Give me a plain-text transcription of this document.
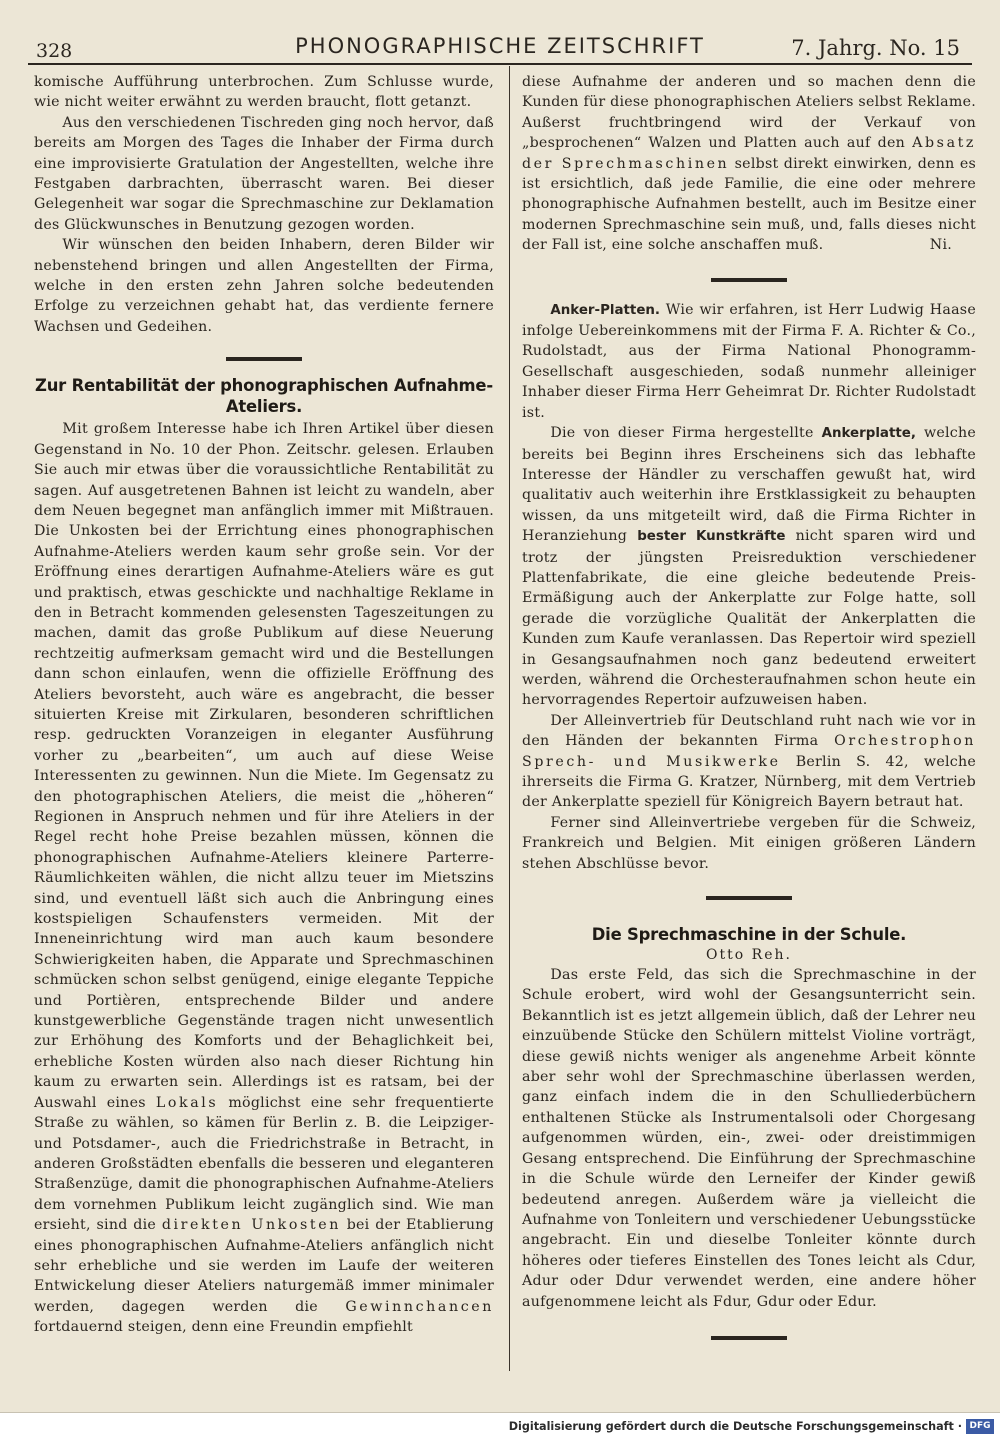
328	PHONOGRAPHISCHE ZEITSCHRIFT	7. Jahrg. No. 15

komische Aufführung unterbrochen. Zum Schlusse wurde, wie nicht weiter erwähnt zu werden braucht, flott getanzt.

Aus den verschiedenen Tischreden ging noch hervor, daß bereits am Morgen des Tages die Inhaber der Firma durch eine improvisierte Gratulation der Angestellten, welche ihre Festgaben darbrachten, überrascht waren. Bei dieser Gelegenheit war sogar die Sprechmaschine zur Deklamation des Glückwunsches in Benutzung gezogen worden.

Wir wünschen den beiden Inhabern, deren Bilder wir nebenstehend bringen und allen Angestellten der Firma, welche in den ersten zehn Jahren solche bedeutenden Erfolge zu verzeichnen gehabt hat, das verdiente fernere Wachsen und Gedeihen.

Zur Rentabilität der phonographischen Aufnahme-Ateliers.

Mit großem Interesse habe ich Ihren Artikel über diesen Gegenstand in No. 10 der Phon. Zeitschr. gelesen. Erlauben Sie auch mir etwas über die voraussichtliche Rentabilität zu sagen. Auf ausgetretenen Bahnen ist leicht zu wandeln, aber dem Neuen begegnet man anfänglich immer mit Mißtrauen. Die Unkosten bei der Errichtung eines phonographischen Aufnahme-Ateliers werden kaum sehr große sein. Vor der Eröffnung eines derartigen Aufnahme-Ateliers wäre es gut und praktisch, etwas geschickte und nachhaltige Reklame in den in Betracht kommenden gelesensten Tageszeitungen zu machen, damit das große Publikum auf diese Neuerung rechtzeitig aufmerksam gemacht wird und die Bestellungen dann schon einlaufen, wenn die offizielle Eröffnung des Ateliers bevorsteht, auch wäre es angebracht, die besser situierten Kreise mit Zirkularen, besonderen schriftlichen resp. gedruckten Voranzeigen in eleganter Ausführung vorher zu „bearbeiten“, um auch auf diese Weise Interessenten zu gewinnen. Nun die Miete. Im Gegensatz zu den photographischen Ateliers, die meist die „höheren“ Regionen in Anspruch nehmen und für ihre Ateliers in der Regel recht hohe Preise bezahlen müssen, können die phonographischen Aufnahme-Ateliers kleinere Parterre-Räumlichkeiten wählen, die nicht allzu teuer im Mietszins sind, und eventuell läßt sich auch die Anbringung eines kostspieligen Schaufensters vermeiden. Mit der Inneneinrichtung wird man auch kaum besondere Schwierigkeiten haben, die Apparate und Sprechmaschinen schmücken schon selbst genügend, einige elegante Teppiche und Portièren, entsprechende Bilder und andere kunstgewerbliche Gegenstände tragen nicht unwesentlich zur Erhöhung des Komforts und der Behaglichkeit bei, erhebliche Kosten würden also nach dieser Richtung hin kaum zu erwarten sein. Allerdings ist es ratsam, bei der Auswahl eines Lokals möglichst eine sehr frequentierte Straße zu wählen, so kämen für Berlin z. B. die Leipziger- und Potsdamer-, auch die Friedrichstraße in Betracht, in anderen Großstädten ebenfalls die besseren und eleganteren Straßenzüge, damit die phonographischen Aufnahme-Ateliers dem vornehmen Publikum leicht zugänglich sind. Wie man ersieht, sind die direkten Unkosten bei der Etablierung eines phonographischen Aufnahme-Ateliers anfänglich nicht sehr erhebliche und sie werden im Laufe der weiteren Entwickelung dieser Ateliers naturgemäß immer minimaler werden, dagegen werden die Gewinnchancen fortdauernd steigen, denn eine Freundin empfiehlt

diese Aufnahme der anderen und so machen denn die Kunden für diese phonographischen Ateliers selbst Reklame. Außerst fruchtbringend wird der Verkauf von „besprochenen“ Walzen und Platten auch auf den Absatz der Sprechmaschinen selbst direkt einwirken, denn es ist ersichtlich, daß jede Familie, die eine oder mehrere phonographische Aufnahmen bestellt, auch im Besitze einer modernen Sprechmaschine sein muß, und, falls dieses nicht der Fall ist, eine solche anschaffen muß.	Ni.

Anker-Platten. Wie wir erfahren, ist Herr Ludwig Haase infolge Uebereinkommens mit der Firma F. A. Richter & Co., Rudolstadt, aus der Firma National Phonogramm-Gesellschaft ausgeschieden, sodaß nunmehr alleiniger Inhaber dieser Firma Herr Geheimrat Dr. Richter Rudolstadt ist.

Die von dieser Firma hergestellte Ankerplatte, welche bereits bei Beginn ihres Erscheinens sich das lebhafte Interesse der Händler zu verschaffen gewußt hat, wird qualitativ auch weiterhin ihre Erstklassigkeit zu behaupten wissen, da uns mitgeteilt wird, daß die Firma Richter in Heranziehung bester Kunstkräfte nicht sparen wird und trotz der jüngsten Preisreduktion verschiedener Plattenfabrikate, die eine gleiche bedeutende Preis-Ermäßigung auch der Ankerplatte zur Folge hatte, soll gerade die vorzügliche Qualität der Ankerplatten die Kunden zum Kaufe veranlassen. Das Repertoir wird speziell in Gesangsaufnahmen noch ganz bedeutend erweitert werden, während die Orchesteraufnahmen schon heute ein hervorragendes Repertoir aufzuweisen haben.

Der Alleinvertrieb für Deutschland ruht nach wie vor in den Händen der bekannten Firma Orchestrophon Sprech- und Musikwerke Berlin S. 42, welche ihrerseits die Firma G. Kratzer, Nürnberg, mit dem Vertrieb der Ankerplatte speziell für Königreich Bayern betraut hat.

Ferner sind Alleinvertriebe vergeben für die Schweiz, Frankreich und Belgien. Mit einigen größeren Ländern stehen Abschlüsse bevor.

Die Sprechmaschine in der Schule.
Otto Reh.

Das erste Feld, das sich die Sprechmaschine in der Schule erobert, wird wohl der Gesangsunterricht sein. Bekanntlich ist es jetzt allgemein üblich, daß der Lehrer neu einzuübende Stücke den Schülern mittelst Violine vorträgt, diese gewiß nichts weniger als angenehme Arbeit könnte aber sehr wohl der Sprechmaschine überlassen werden, ganz einfach indem die in den Schulliederbüchern enthaltenen Stücke als Instrumentalsoli oder Chorgesang aufgenommen würden, ein-, zwei- oder dreistimmigen Gesang entsprechend. Die Einführung der Sprechmaschine in die Schule würde den Lerneifer der Kinder gewiß bedeutend anregen. Außerdem wäre ja vielleicht die Aufnahme von Tonleitern und verschiedener Uebungsstücke angebracht. Ein und dieselbe Tonleiter könnte durch höheres oder tieferes Einstellen des Tones leicht als Cdur, Adur oder Ddur verwendet werden, eine andere höher aufgenommene leicht als Fdur, Gdur oder Edur.

Digitalisierung gefördert durch die Deutsche Forschungsgemeinschaft · DFG
